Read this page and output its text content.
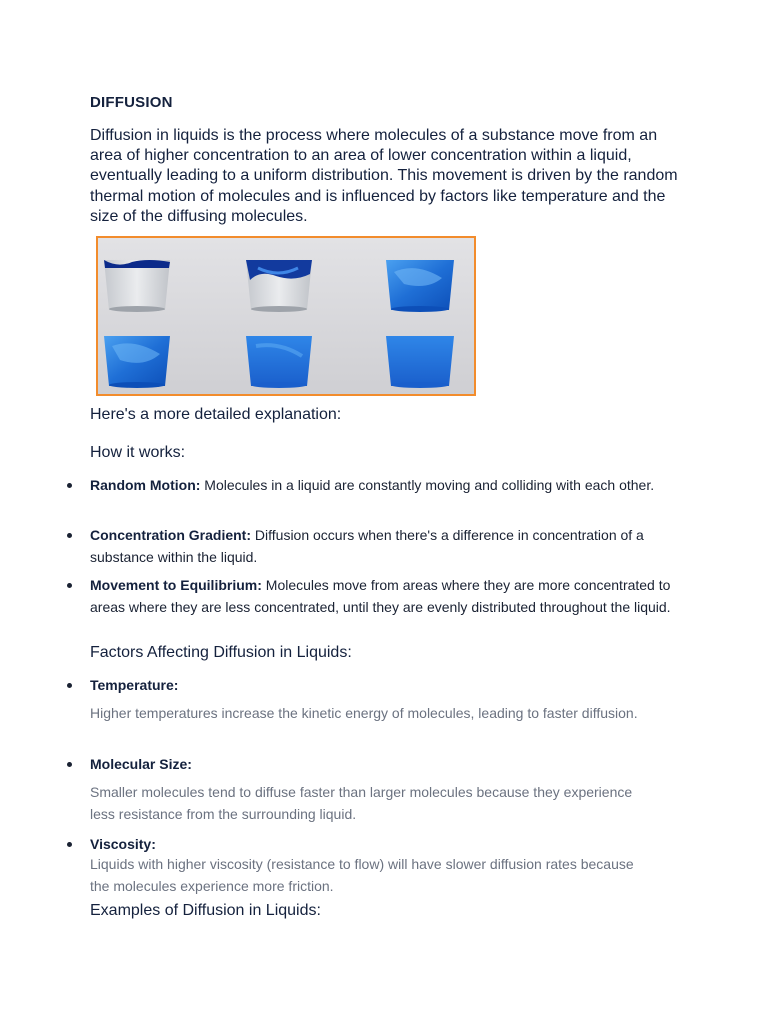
DIFFUSION
Diffusion in liquids is the process where molecules of a substance move from an area of higher concentration to an area of lower concentration within a liquid, eventually leading to a uniform distribution. This movement is driven by the random thermal motion of molecules and is influenced by factors like temperature and the size of the diffusing molecules.
Here's a more detailed explanation:
How it works:
Random Motion: Molecules in a liquid are constantly moving and colliding with each other.
Concentration Gradient: Diffusion occurs when there's a difference in concentration of a substance within the liquid.
Movement to Equilibrium: Molecules move from areas where they are more concentrated to areas where they are less concentrated, until they are evenly distributed throughout the liquid.
Factors Affecting Diffusion in Liquids:
Temperature:
Higher temperatures increase the kinetic energy of molecules, leading to faster diffusion.
Molecular Size:
Smaller molecules tend to diffuse faster than larger molecules because they experience less resistance from the surrounding liquid.
Viscosity:
Liquids with higher viscosity (resistance to flow) will have slower diffusion rates because the molecules experience more friction.
Examples of Diffusion in Liquids:
